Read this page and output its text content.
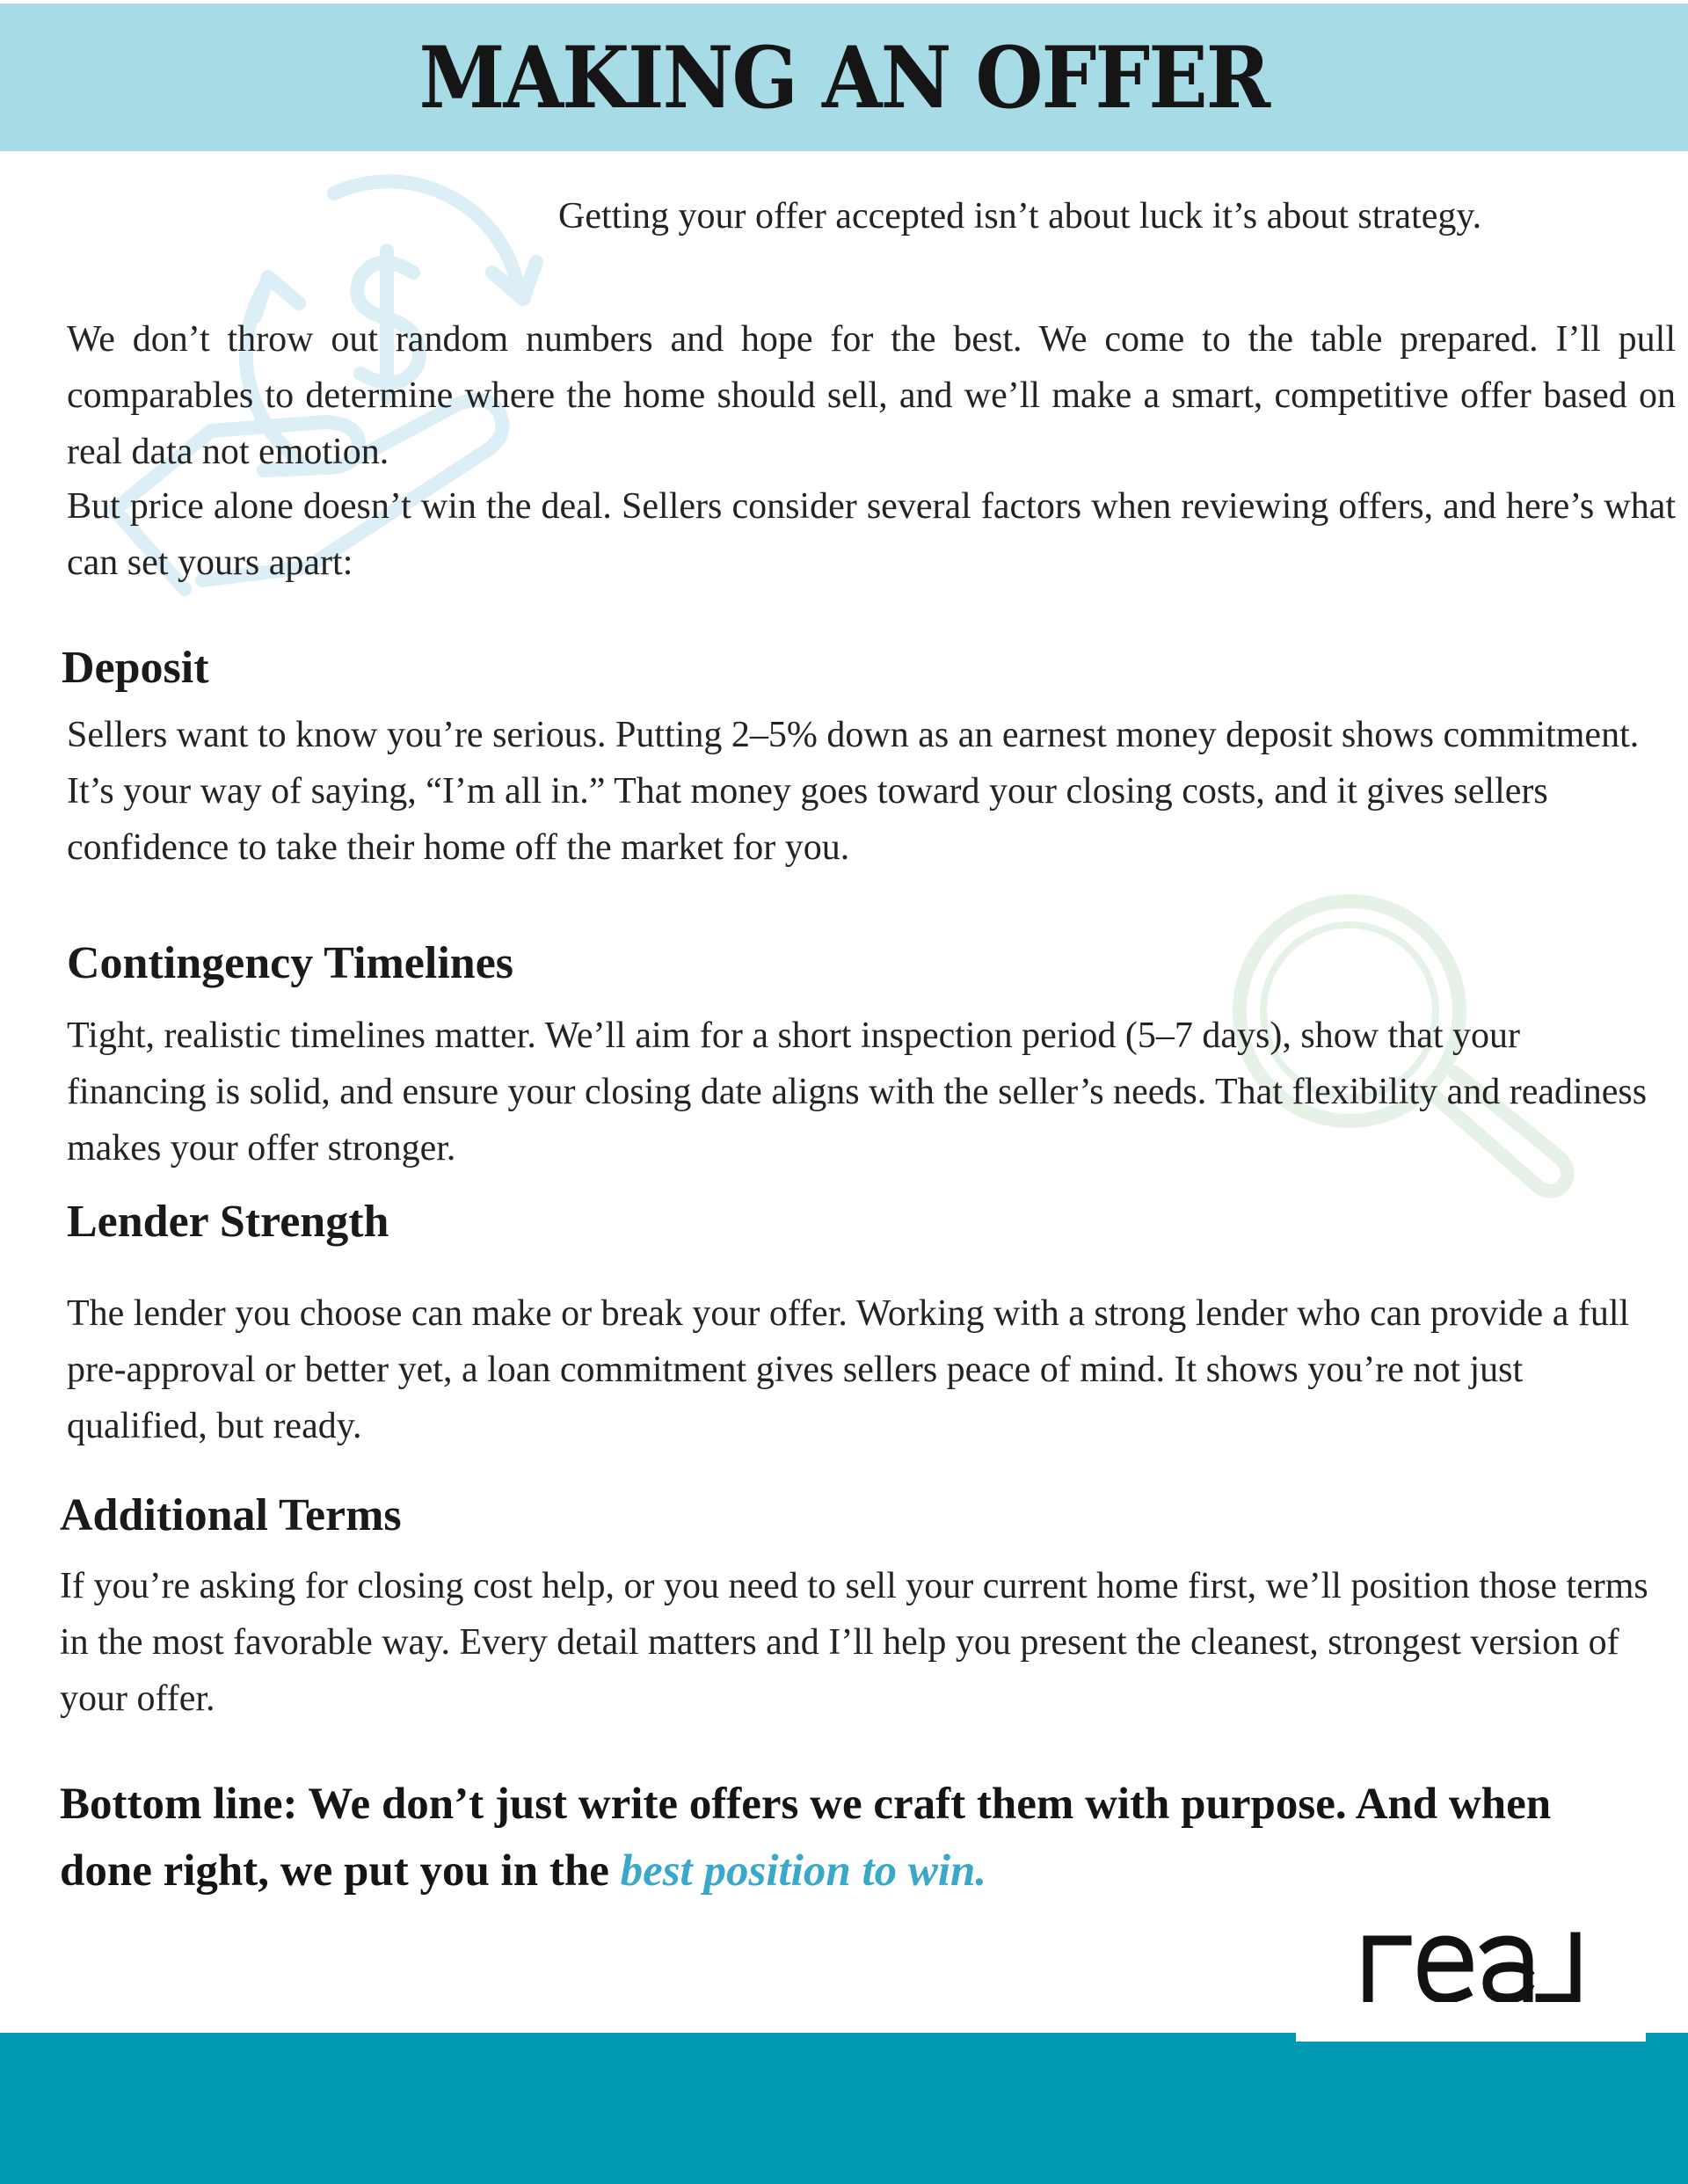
MAKING AN OFFER

Getting your offer accepted isn’t about luck it’s about strategy.

We don’t throw out random numbers and hope for the best. We come to the table prepared. I’ll pull comparables to determine where the home should sell, and we’ll make a smart, competitive offer based on real data not emotion.

But price alone doesn’t win the deal. Sellers consider several factors when reviewing offers, and here’s what can set yours apart:

Deposit

Sellers want to know you’re serious. Putting 2–5% down as an earnest money deposit shows commitment. It’s your way of saying, “I’m all in.” That money goes toward your closing costs, and it gives sellers confidence to take their home off the market for you.

Contingency Timelines

Tight, realistic timelines matter. We’ll aim for a short inspection period (5–7 days), show that your financing is solid, and ensure your closing date aligns with the seller’s needs. That flexibility and readiness makes your offer stronger.

Lender Strength

The lender you choose can make or break your offer. Working with a strong lender who can provide a full pre-approval or better yet, a loan commitment gives sellers peace of mind. It shows you’re not just qualified, but ready.

Additional Terms

If you’re asking for closing cost help, or you need to sell your current home first, we’ll position those terms in the most favorable way. Every detail matters and I’ll help you present the cleanest, strongest version of your offer.

Bottom line: We don’t just write offers we craft them with purpose. And when done right, we put you in the best position to win.
